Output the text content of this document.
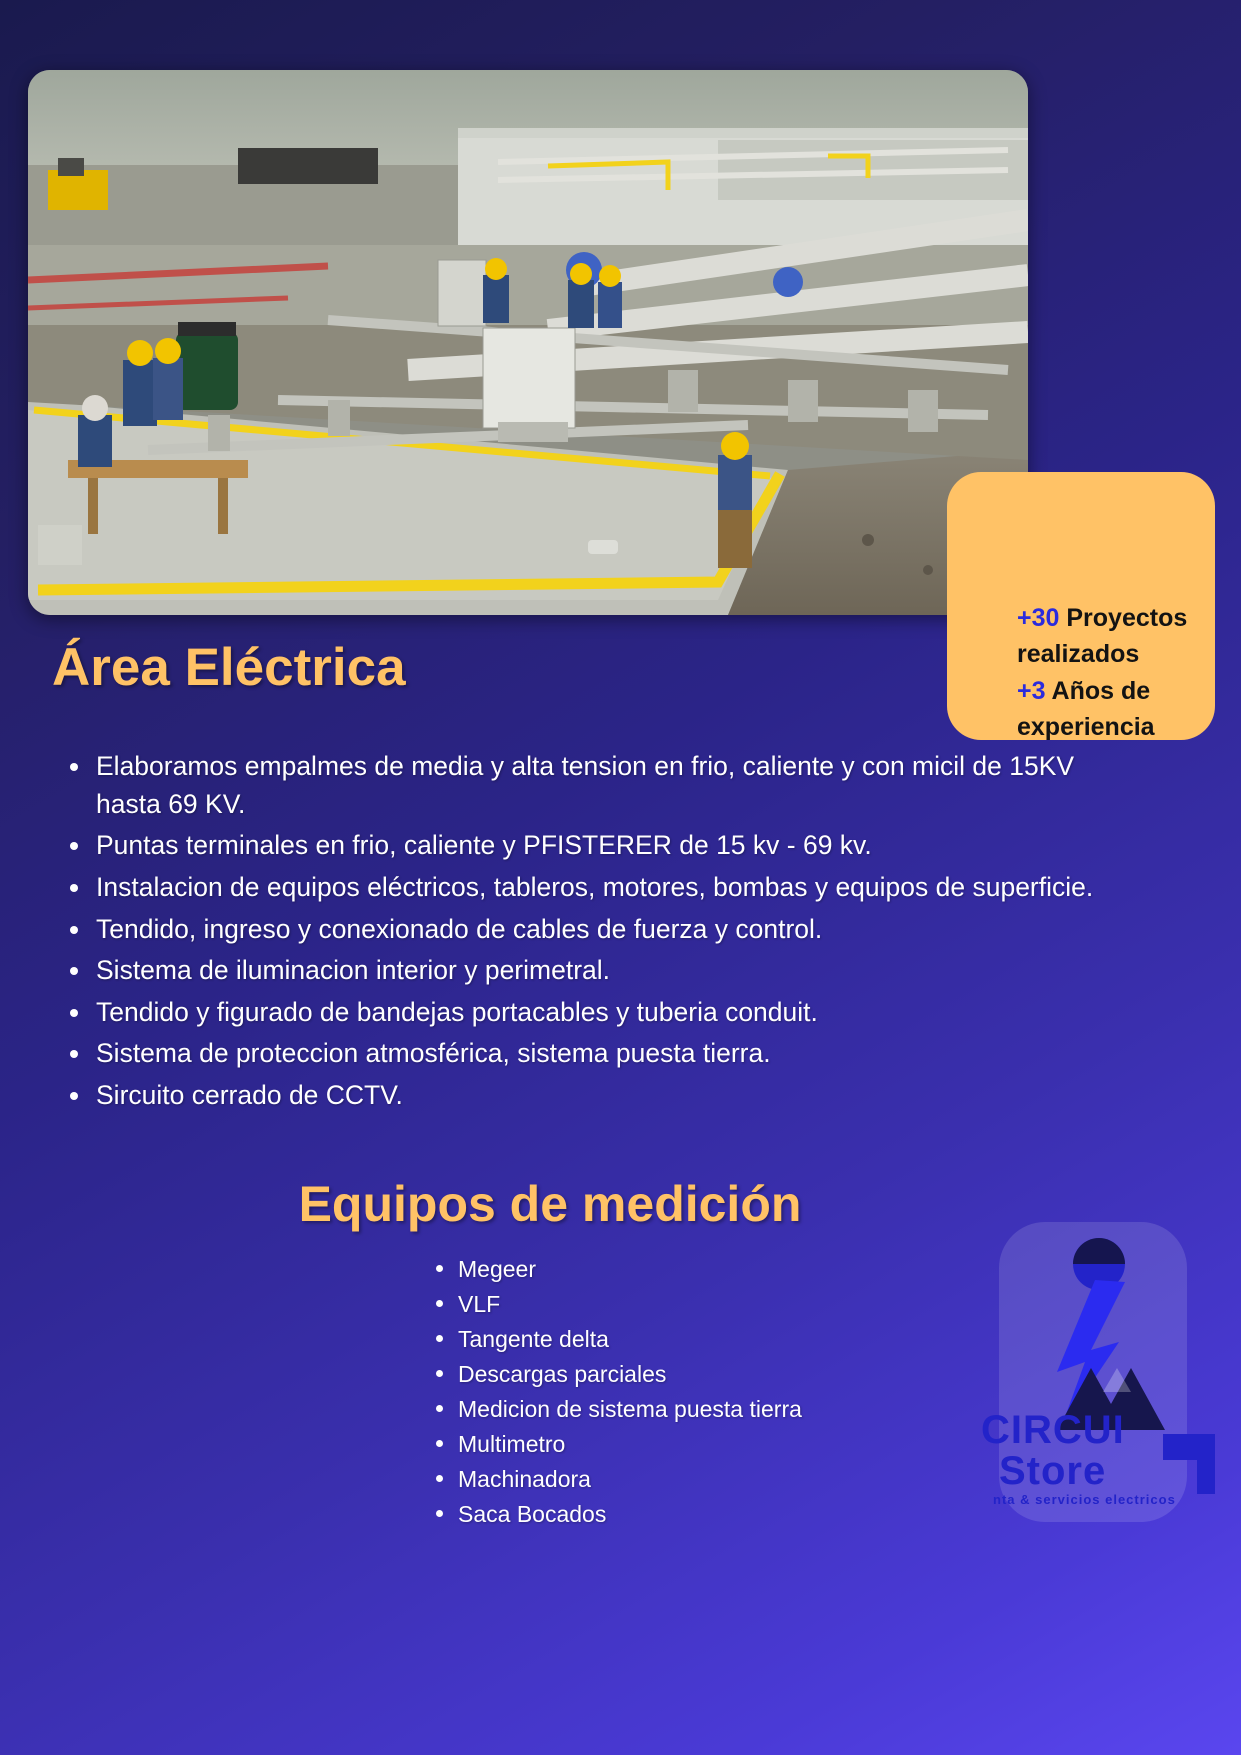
+30 Proyectos realizados
+3 Años de experiencia
Área Eléctrica
Elaboramos empalmes de media y alta tension en frio, caliente y con micil de 15KV hasta 69 KV.
Puntas terminales en frio, caliente y PFISTERER de 15 kv - 69 kv.
Instalacion de equipos eléctricos, tableros, motores, bombas y equipos de superficie.
Tendido, ingreso y conexionado de cables de fuerza y control.
Sistema de iluminacion interior y perimetral.
Tendido y figurado de bandejas portacables y tuberia conduit.
Sistema de proteccion atmosférica, sistema puesta tierra.
Sircuito cerrado de CCTV.
Equipos de medición
Megeer
VLF
Tangente delta
Descargas parciales
Medicion de sistema puesta tierra
Multimetro
Machinadora
Saca Bocados
CIRCUI
Store
nta & servicios electricos
